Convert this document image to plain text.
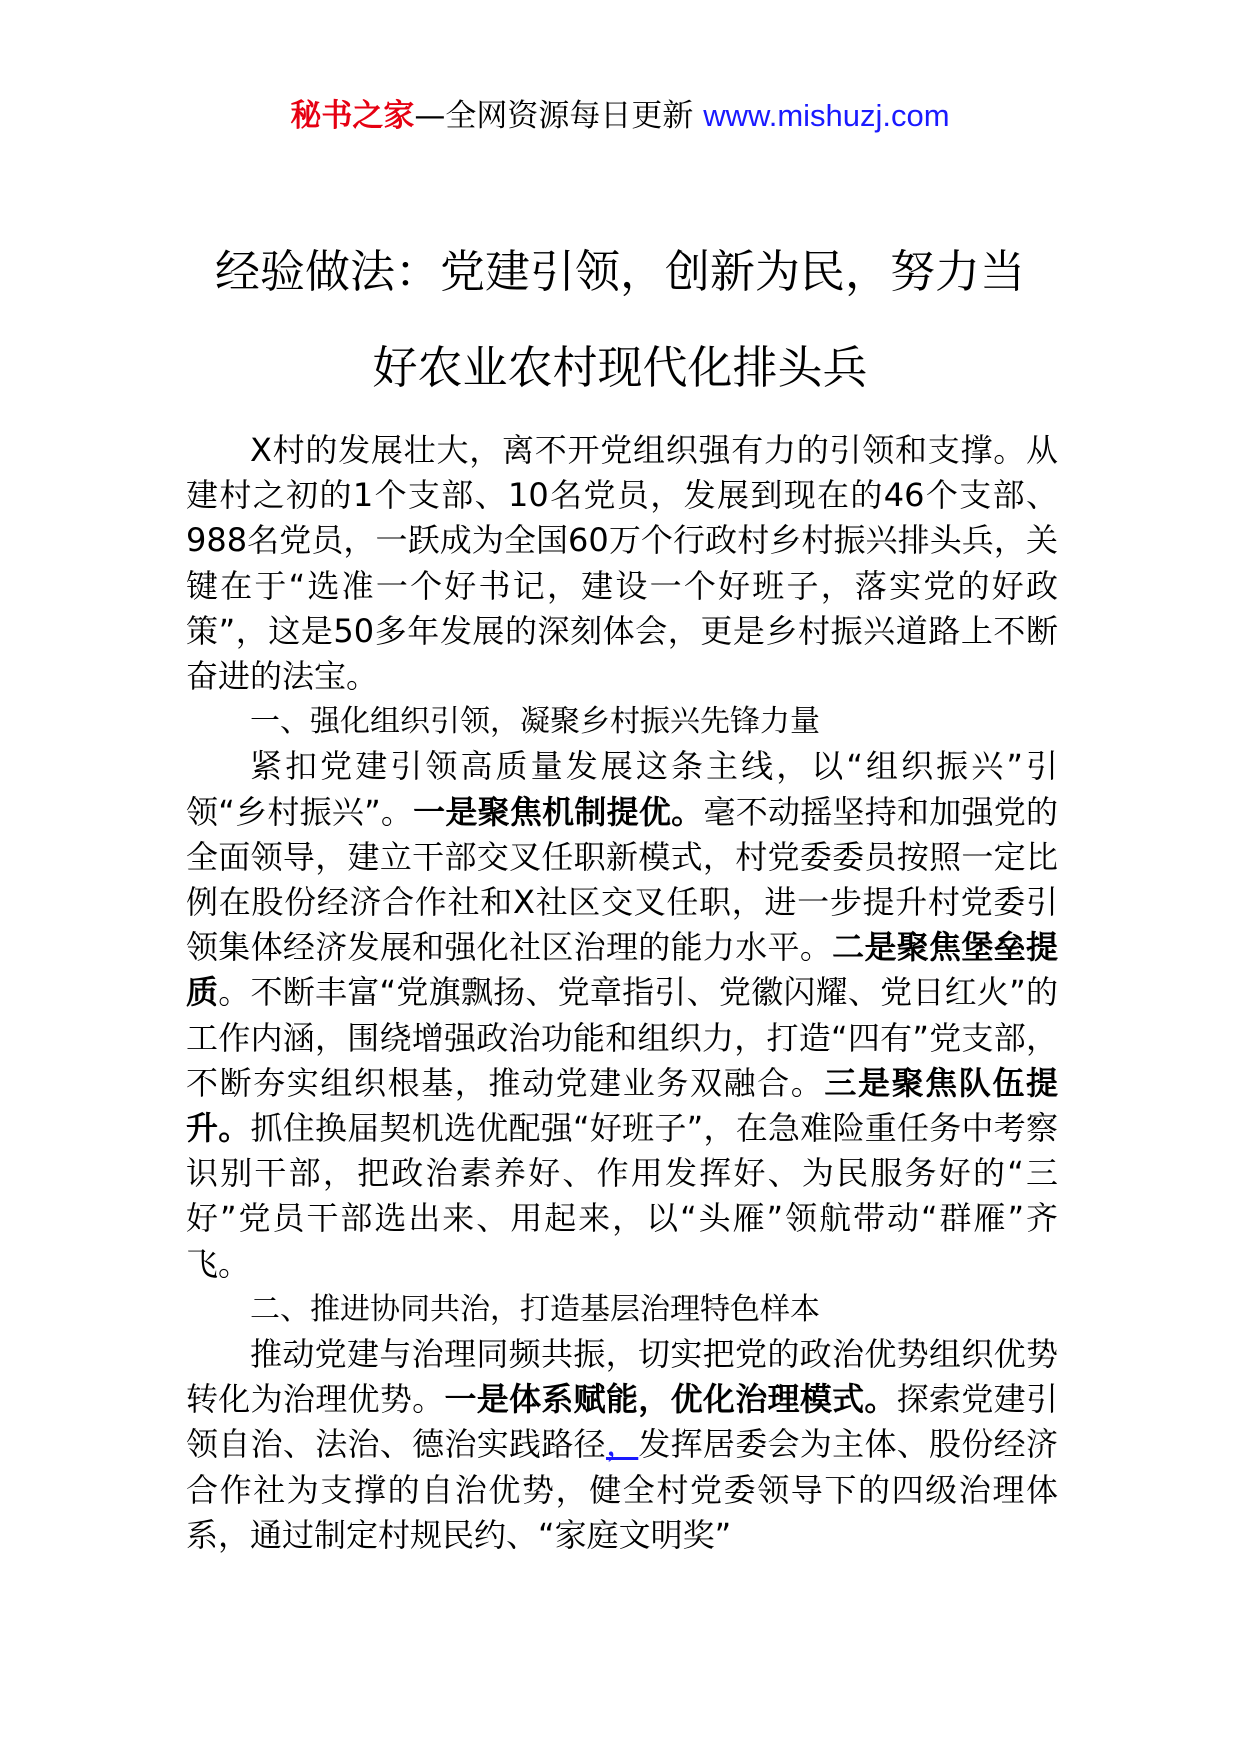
秘书之家—全网资源每日更新 www.mishuzj.com
经验做法：党建引领，创新为民，努力当
好农业农村现代化排头兵

X村的发展壮大，离不开党组织强有力的引领和支撑。从建村之初的1个支部、10名党员，发展到现在的46个支部、988名党员，一跃成为全国60万个行政村乡村振兴排头兵，关键在于“选准一个好书记，建设一个好班子，落实党的好政策”，这是50多年发展的深刻体会，更是乡村振兴道路上不断奋进的法宝。

一、强化组织引领，凝聚乡村振兴先锋力量

紧扣党建引领高质量发展这条主线，以“组织振兴”引领“乡村振兴”。一是聚焦机制提优。毫不动摇坚持和加强党的全面领导，建立干部交叉任职新模式，村党委委员按照一定比例在股份经济合作社和X社区交叉任职，进一步提升村党委引领集体经济发展和强化社区治理的能力水平。二是聚焦堡垒提质。不断丰富“党旗飘扬、党章指引、党徽闪耀、党日红火”的工作内涵，围绕增强政治功能和组织力，打造“四有”党支部，不断夯实组织根基，推动党建业务双融合。三是聚焦队伍提升。抓住换届契机选优配强“好班子”，在急难险重任务中考察识别干部，把政治素养好、作用发挥好、为民服务好的“三好”党员干部选出来、用起来，以“头雁”领航带动“群雁”齐飞。

二、推进协同共治，打造基层治理特色样本

推动党建与治理同频共振，切实把党的政治优势组织优势转化为治理优势。一是体系赋能，优化治理模式。探索党建引领自治、法治、德治实践路径，发挥居委会为主体、股份经济合作社为支撑的自治优势，健全村党委领导下的四级治理体系，通过制定村规民约、“家庭文明奖”
